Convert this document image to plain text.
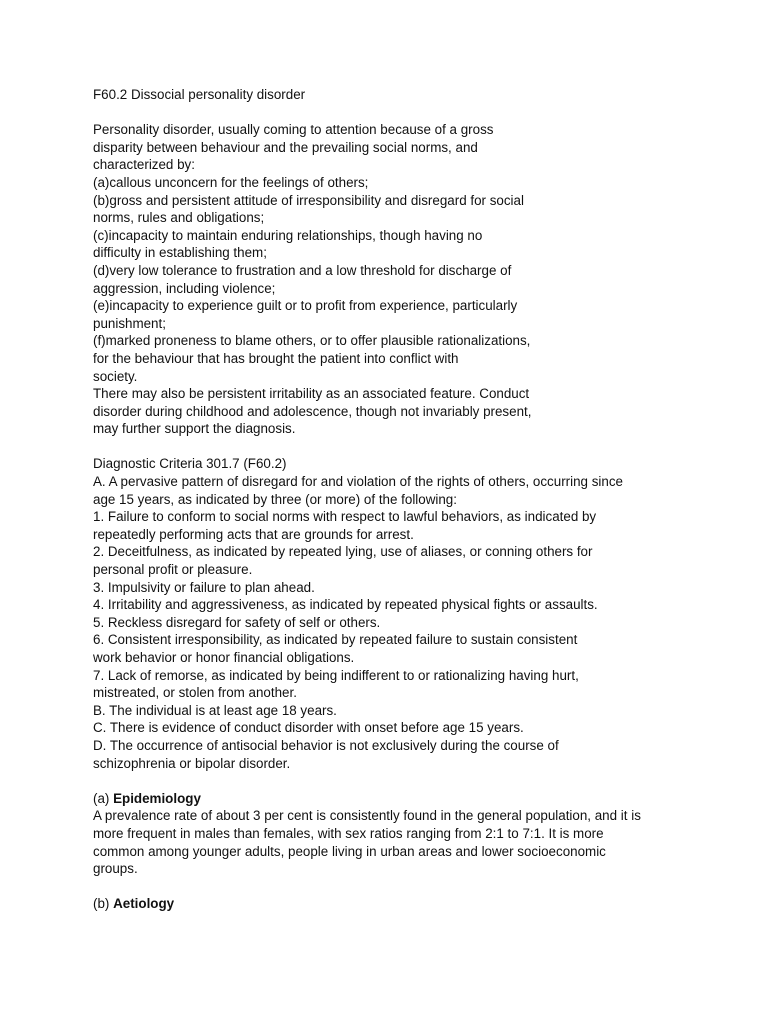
F60.2 Dissocial personality disorder
Personality disorder, usually coming to attention because of a gross
disparity between behaviour and the prevailing social norms, and
characterized by:
(a)callous unconcern for the feelings of others;
(b)gross and persistent attitude of irresponsibility and disregard for social
norms, rules and obligations;
(c)incapacity to maintain enduring relationships, though having no
difficulty in establishing them;
(d)very low tolerance to frustration and a low threshold for discharge of
aggression, including violence;
(e)incapacity to experience guilt or to profit from experience, particularly
punishment;
(f)marked proneness to blame others, or to offer plausible rationalizations,
for the behaviour that has brought the patient into conflict with
society.
There may also be persistent irritability as an associated feature. Conduct
disorder during childhood and adolescence, though not invariably present,
may further support the diagnosis.
Diagnostic Criteria 301.7 (F60.2)
A. A pervasive pattern of disregard for and violation of the rights of others, occurring since
age 15 years, as indicated by three (or more) of the following:
1. Failure to conform to social norms with respect to lawful behaviors, as indicated by
repeatedly performing acts that are grounds for arrest.
2. Deceitfulness, as indicated by repeated lying, use of aliases, or conning others for
personal profit or pleasure.
3. Impulsivity or failure to plan ahead.
4. Irritability and aggressiveness, as indicated by repeated physical fights or assaults.
5. Reckless disregard for safety of self or others.
6. Consistent irresponsibility, as indicated by repeated failure to sustain consistent
work behavior or honor financial obligations.
7. Lack of remorse, as indicated by being indifferent to or rationalizing having hurt,
mistreated, or stolen from another.
B. The individual is at least age 18 years.
C. There is evidence of conduct disorder with onset before age 15 years.
D. The occurrence of antisocial behavior is not exclusively during the course of
schizophrenia or bipolar disorder.
(a) Epidemiology
A prevalence rate of about 3 per cent is consistently found in the general population, and it is
more frequent in males than females, with sex ratios ranging from 2:1 to 7:1. It is more
common among younger adults, people living in urban areas and lower socioeconomic
groups.
(b) Aetiology
